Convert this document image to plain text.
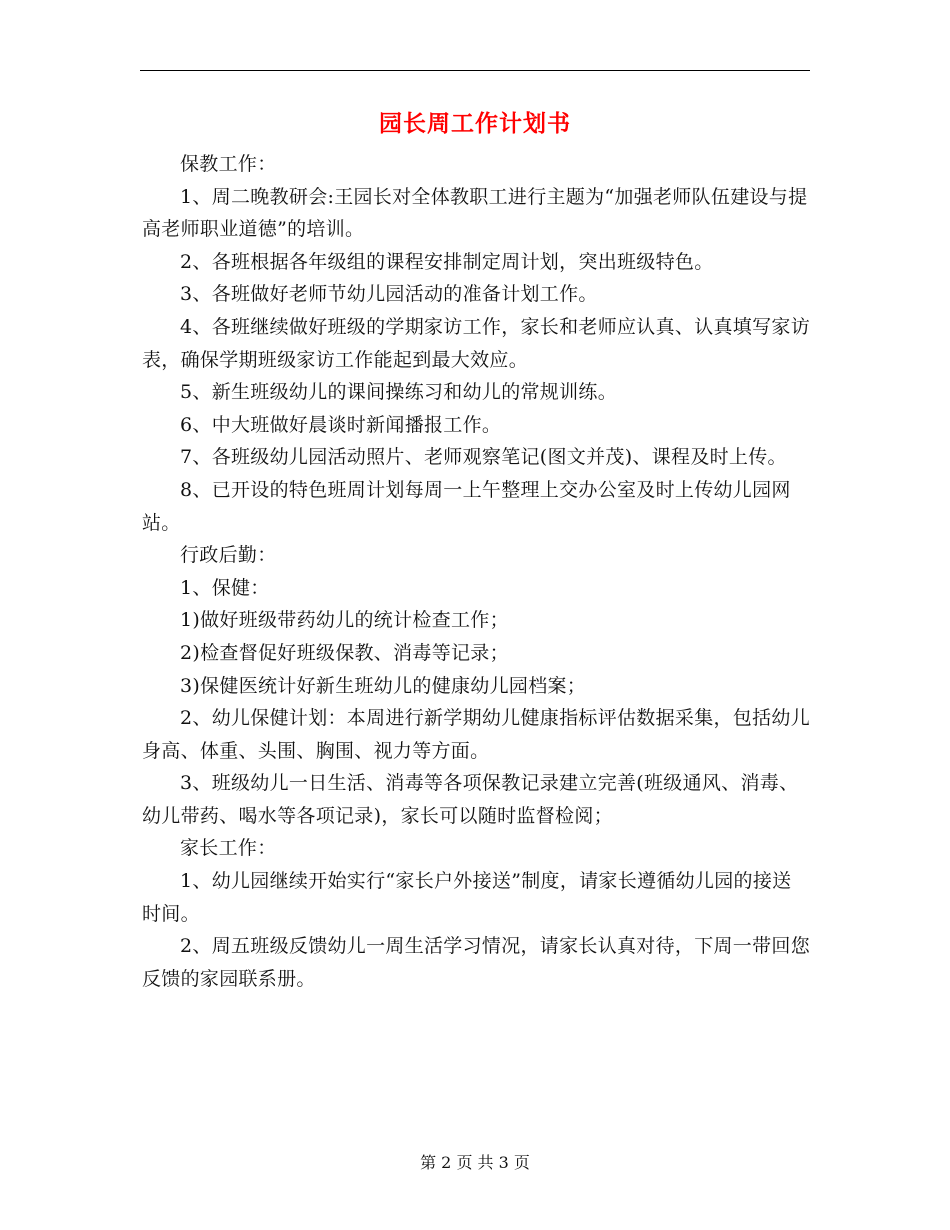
园长周工作计划书

保教工作：

1、周二晚教研会:王园长对全体教职工进行主题为“加强老师队伍建设与提高老师职业道德”的培训。

2、各班根据各年级组的课程安排制定周计划，突出班级特色。

3、各班做好老师节幼儿园活动的准备计划工作。

4、各班继续做好班级的学期家访工作，家长和老师应认真、认真填写家访表，确保学期班级家访工作能起到最大效应。

5、新生班级幼儿的课间操练习和幼儿的常规训练。

6、中大班做好晨谈时新闻播报工作。

7、各班级幼儿园活动照片、老师观察笔记(图文并茂)、课程及时上传。

8、已开设的特色班周计划每周一上午整理上交办公室及时上传幼儿园网站。

行政后勤：

1、保健：

1)做好班级带药幼儿的统计检查工作；

2)检查督促好班级保教、消毒等记录；

3)保健医统计好新生班幼儿的健康幼儿园档案；

2、幼儿保健计划：本周进行新学期幼儿健康指标评估数据采集，包括幼儿身高、体重、头围、胸围、视力等方面。

3、班级幼儿一日生活、消毒等各项保教记录建立完善(班级通风、消毒、幼儿带药、喝水等各项记录)，家长可以随时监督检阅；

家长工作：

1、幼儿园继续开始实行“家长户外接送”制度，请家长遵循幼儿园的接送时间。

2、周五班级反馈幼儿一周生活学习情况，请家长认真对待，下周一带回您反馈的家园联系册。

第 2 页 共 3 页
